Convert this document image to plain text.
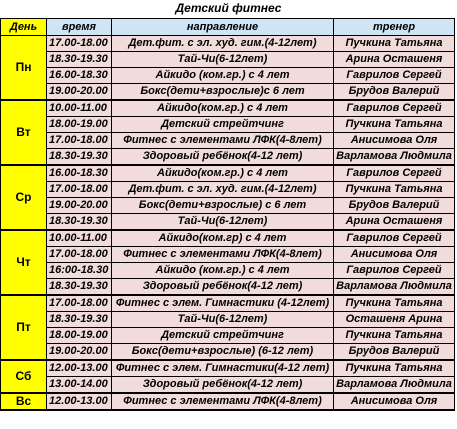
Детский фитнес
День	время	направление	тренер
Пн	17.00-18.00	Дет.фит. с эл. худ. гим.(4-12лет)	Пучкина Татьяна
	18.30-19.30	Тай-Чи(6-12лет)	Арина Осташеня
	16.00-18.30	Айкидо (ком.гр.) с 4 лет	Гаврилов Сергей
	19.00-20.00	Бокс(дети+взрослые)с 6 лет	Брудов Валерий
Вт	10.00-11.00	Айкидо(ком.гр.) с 4 лет	Гаврилов Сергей
	18.00-19.00	Детский стрейтчинг	Пучкина Татьяна
	17.00-18.00	Фитнес с элементами ЛФК(4-8лет)	Анисимова Оля
	18.30-19.30	Здоровый ребёнок(4-12 лет)	Варламова Людмила
Ср	16.00-18.30	Айкидо(ком.гр.) с 4 лет	Гаврилов Сергей
	17.00-18.00	Дет.фит. с эл. худ. гим.(4-12лет)	Пучкина Татьяна
	19.00-20.00	Бокс(дети+взрослые) с 6 лет	Брудов Валерий
	18.30-19.30	Тай-Чи(6-12лет)	Арина Осташеня
Чт	10.00-11.00	Айкидо(ком.гр) с 4 лет	Гаврилов Сергей
	17.00-18.00	Фитнес с элементами ЛФК(4-8лет)	Анисимова Оля
	16:00-18.30	Айкидо (ком.гр.) с 4 лет	Гаврилов Сергей
	18.30-19.30	Здоровый ребёнок(4-12 лет)	Варламова Людмила
Пт	17.00-18.00	Фитнес с элем. Гимнастики (4-12лет)	Пучкина Татьяна
	18.30-19.30	Тай-Чи(6-12лет)	Осташеня Арина
	18.00-19.00	Детский стрейтчинг	Пучкина Татьяна
	19.00-20.00	Бокс(дети+взрослые) (6-12 лет)	Брудов Валерий
Сб	12.00-13.00	Фитнес с элем. Гимнастики(4-12 лет)	Пучкина Татьяна
	13.00-14.00	Здоровый ребёнок(4-12 лет)	Варламова Людмила
Вс	12.00-13.00	Фитнес с элементами ЛФК(4-8лет)	Анисимова Оля
